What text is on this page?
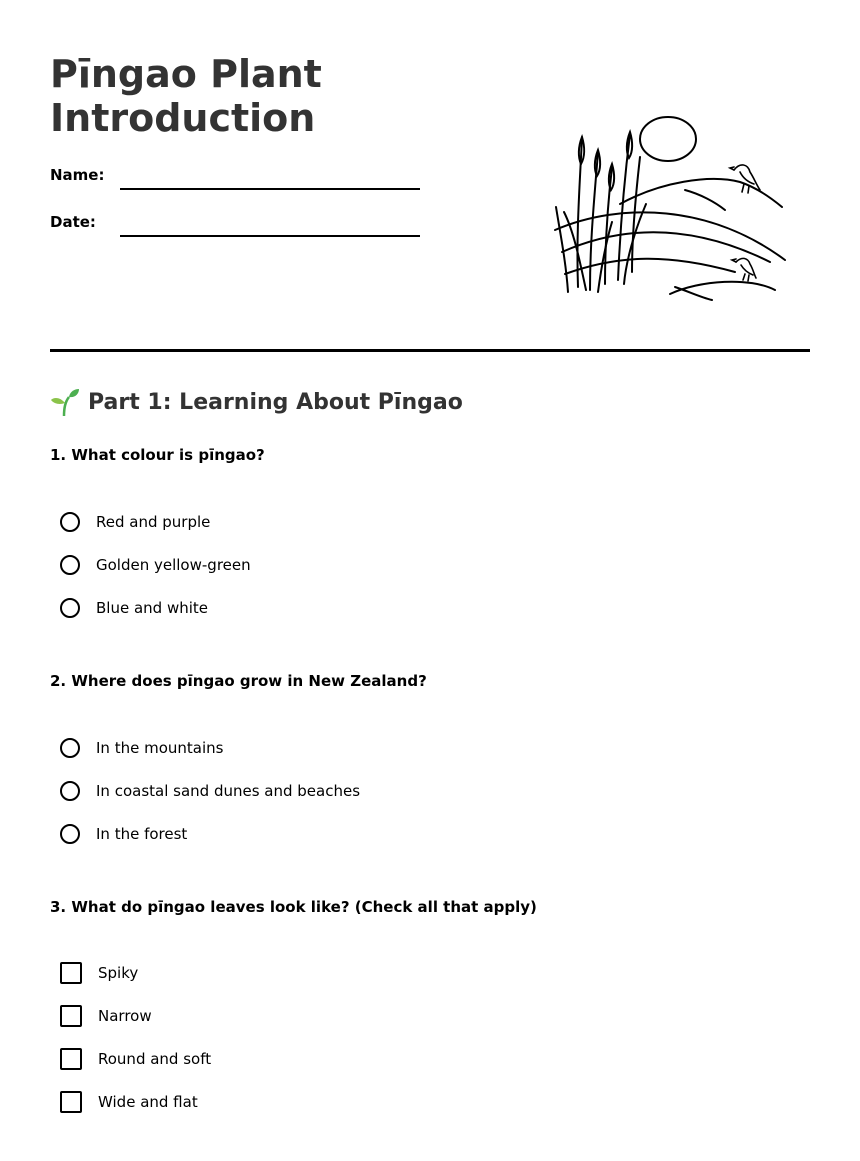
Pīngao Plant
Introduction
Name:
Date:
Part 1: Learning About Pīngao

1. What colour is pīngao?

Red and purple
Golden yellow-green
Blue and white

2. Where does pīngao grow in New Zealand?

In the mountains
In coastal sand dunes and beaches
In the forest

3. What do pīngao leaves look like? (Check all that apply)

Spiky
Narrow
Round and soft
Wide and flat
